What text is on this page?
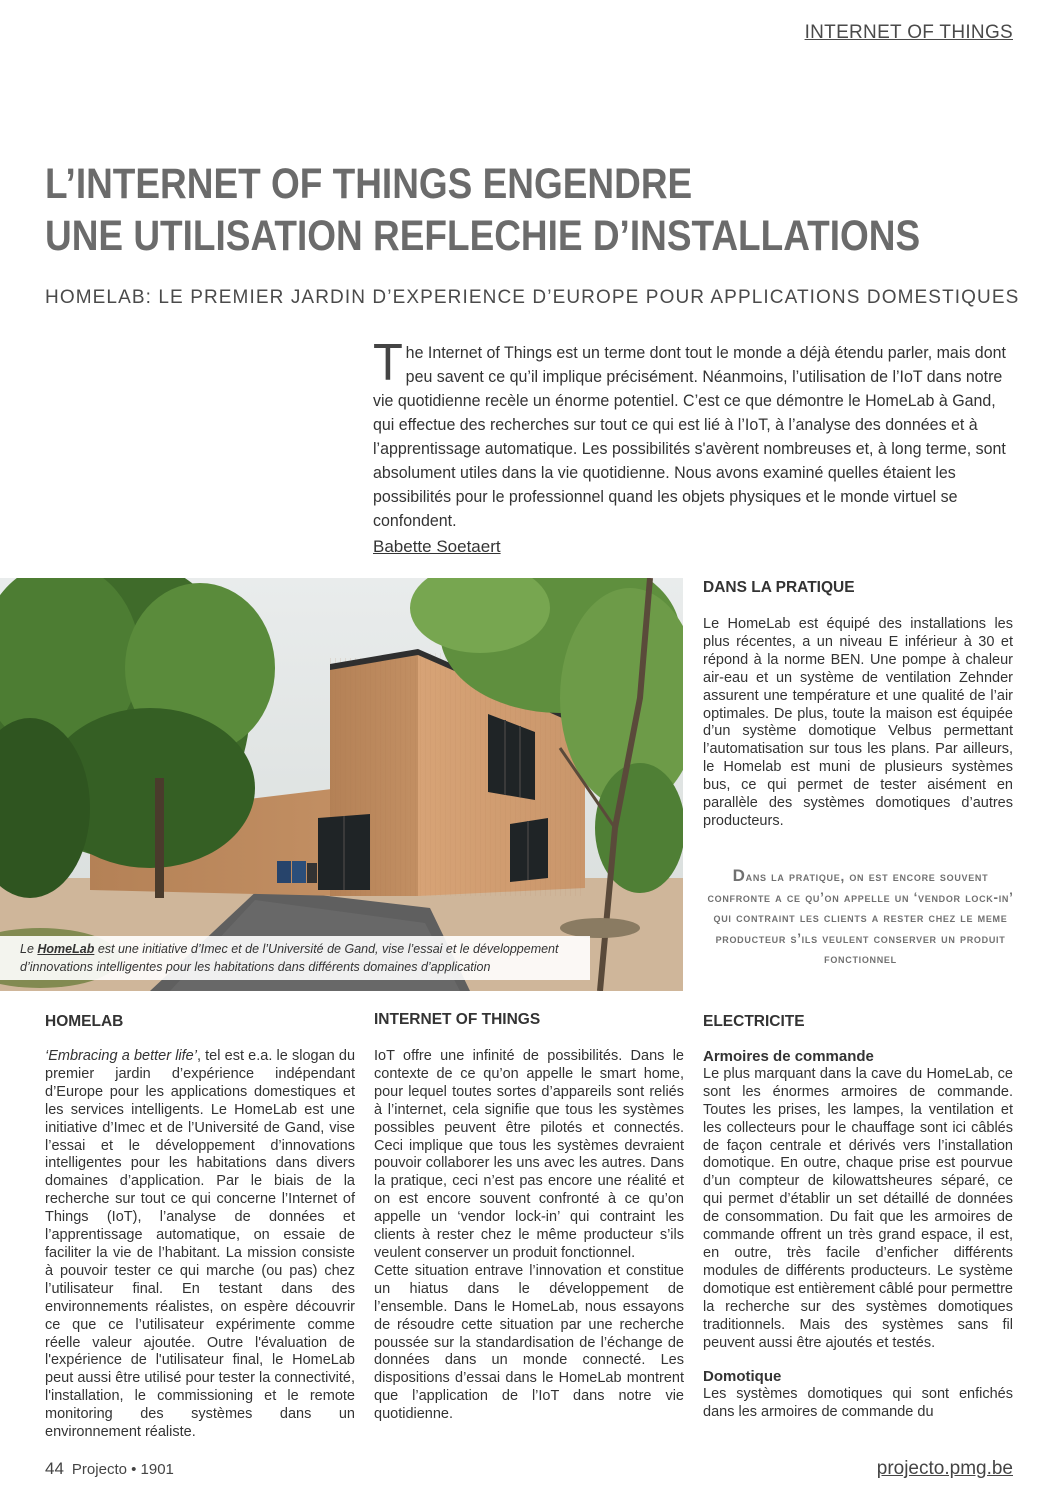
INTERNET OF THINGS
L’INTERNET OF THINGS ENGENDRE
UNE UTILISATION REFLECHIE D’INSTALLATIONS
HOMELAB: LE PREMIER JARDIN D’EXPERIENCE D’EUROPE POUR APPLICATIONS DOMESTIQUES
T he Internet of Things est un terme dont tout le monde a déjà étendu parler, mais dont peu savent ce qu’il implique précisément. Néanmoins, l’utilisation de l’IoT dans notre vie quotidienne recèle un énorme potentiel. C’est ce que démontre le HomeLab à Gand, qui effectue des recherches sur tout ce qui est lié à l’IoT, à l’analyse des données et à l’apprentissage automatique. Les possibilités s'avèrent nombreuses et, à long terme, sont absolument utiles dans la vie quotidienne. Nous avons examiné quelles étaient les possibilités pour le professionnel quand les objets physiques et le monde virtuel se confondent.
Babette Soetaert
Le HomeLab est une initiative d’Imec et de l’Université de Gand, vise l’essai et le développement d’innovations intelligentes pour les habitations dans différents domaines d’application
DANS LA PRATIQUE
Le HomeLab est équipé des installations les plus récentes, a un niveau E inférieur à 30 et répond à la norme BEN. Une pompe à chaleur air-eau et un système de ventilation Zehnder assurent une température et une qualité de l’air optimales. De plus, toute la maison est équipée d’un système domotique Velbus permettant l’automatisation sur tous les plans. Par ailleurs, le Homelab est muni de plusieurs systèmes bus, ce qui permet de tester aisément en parallèle des systèmes domotiques d’autres producteurs.
Dans la pratique, on est encore souvent confronte a ce qu’on appelle un ‘vendor lock-in’ qui contraint les clients a rester chez le meme producteur s’ils veulent conserver un produit fonctionnel
HOMELAB
‘Embracing a better life’, tel est e.a. le slogan du premier jardin d’expérience indépendant d’Europe pour les applications domestiques et les services intelligents. Le HomeLab est une initiative d’Imec et de l’Université de Gand, vise l’essai et le développement d’innovations intelligentes pour les habitations dans divers domaines d’application. Par le biais de la recherche sur tout ce qui concerne l’Internet of Things (IoT), l’analyse de données et l’apprentissage automatique, on essaie de faciliter la vie de l’habitant. La mission consiste à pouvoir tester ce qui marche (ou pas) chez l’utilisateur final. En testant dans des environnements réalistes, on espère découvrir ce que ce l’utilisateur expérimente comme réelle valeur ajoutée. Outre l'évaluation de l'expérience de l'utilisateur final, le HomeLab peut aussi être utilisé pour tester la connectivité, l'installation, le commissioning et le remote monitoring des systèmes dans un environnement réaliste.
INTERNET OF THINGS
IoT offre une infinité de possibilités. Dans le contexte de ce qu’on appelle le smart home, pour lequel toutes sortes d’appareils sont reliés à l’internet, cela signifie que tous les systèmes possibles peuvent être pilotés et connectés. Ceci implique que tous les systèmes devraient pouvoir collaborer les uns avec les autres. Dans la pratique, ceci n’est pas encore une réalité et on est encore souvent confronté à ce qu’on appelle un ‘vendor lock-in’ qui contraint les clients à rester chez le même producteur s’ils veulent conserver un produit fonctionnel.
Cette situation entrave l’innovation et constitue un hiatus dans le développement de l’ensemble. Dans le HomeLab, nous essayons de résoudre cette situation par une recherche poussée sur la standardisation de l’échange de données dans un monde connecté. Les dispositions d’essai dans le HomeLab montrent que l’application de l’IoT dans notre vie quotidienne.
ELECTRICITE
Armoires de commande
Le plus marquant dans la cave du HomeLab, ce sont les énormes armoires de commande. Toutes les prises, les lampes, la ventilation et les collecteurs pour le chauffage sont ici câblés de façon centrale et dérivés vers l’installation domotique. En outre, chaque prise est pourvue d’un compteur de kilowattsheures séparé, ce qui permet d’établir un set détaillé de données de consommation. Du fait que les armoires de commande offrent un très grand espace, il est, en outre, très facile d’enficher différents modules de différents producteurs. Le système domotique est entièrement câblé pour permettre la recherche sur des systèmes domotiques traditionnels. Mais des systèmes sans fil peuvent aussi être ajoutés et testés.
Domotique
Les systèmes domotiques qui sont enfichés dans les armoires de commande du
44 Projecto • 1901	projecto.pmg.be
